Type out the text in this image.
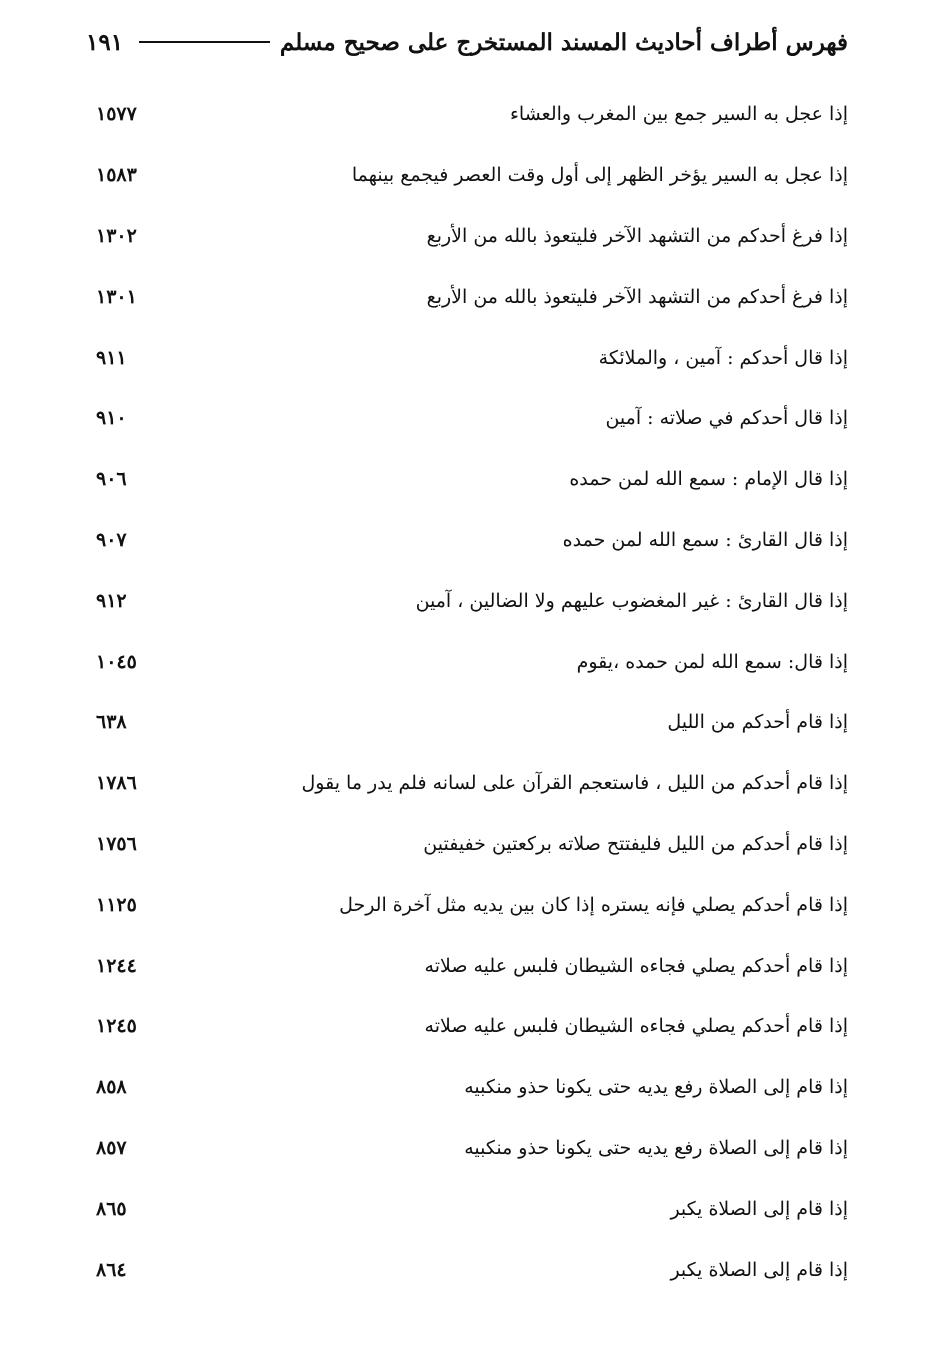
فهرس أطراف أحاديث المسند المستخرج على صحيح مسلم
١٩١
إذا عجل به السير جمع بين المغرب والعشاء
١٥٧٧
إذا عجل به السير يؤخر الظهر إلى أول وقت العصر فيجمع بينهما
١٥٨٣
إذا فرغ أحدكم من التشهد الآخر فليتعوذ بالله من الأربع
١٣٠٢
إذا فرغ أحدكم من التشهد الآخر فليتعوذ بالله من الأربع
١٣٠١
إذا قال أحدكم : آمين ، والملائكة
٩١١
إذا قال أحدكم في صلاته : آمين
٩١٠
إذا قال الإمام : سمع الله لمن حمده
٩٠٦
إذا قال القارئ : سمع الله لمن حمده
٩٠٧
إذا قال القارئ : غير المغضوب عليهم ولا الضالين ، آمين
٩١٢
إذا قال: سمع الله لمن حمده ،يقوم
١٠٤٥
إذا قام أحدكم من الليل
٦٣٨
إذا قام أحدكم من الليل ، فاستعجم القرآن على لسانه فلم يدر ما يقول
١٧٨٦
إذا قام أحدكم من الليل فليفتتح صلاته بركعتين خفيفتين
١٧٥٦
إذا قام أحدكم يصلي فإنه يستره إذا كان بين يديه مثل آخرة الرحل
١١٢٥
إذا قام أحدكم يصلي فجاءه الشيطان فلبس عليه صلاته
١٢٤٤
إذا قام أحدكم يصلي فجاءه الشيطان فلبس عليه صلاته
١٢٤٥
إذا قام إلى الصلاة رفع يديه حتى يكونا حذو منكبيه
٨٥٨
إذا قام إلى الصلاة رفع يديه حتى يكونا حذو منكبيه
٨٥٧
إذا قام إلى الصلاة يكبر
٨٦٥
إذا قام إلى الصلاة يكبر
٨٦٤
